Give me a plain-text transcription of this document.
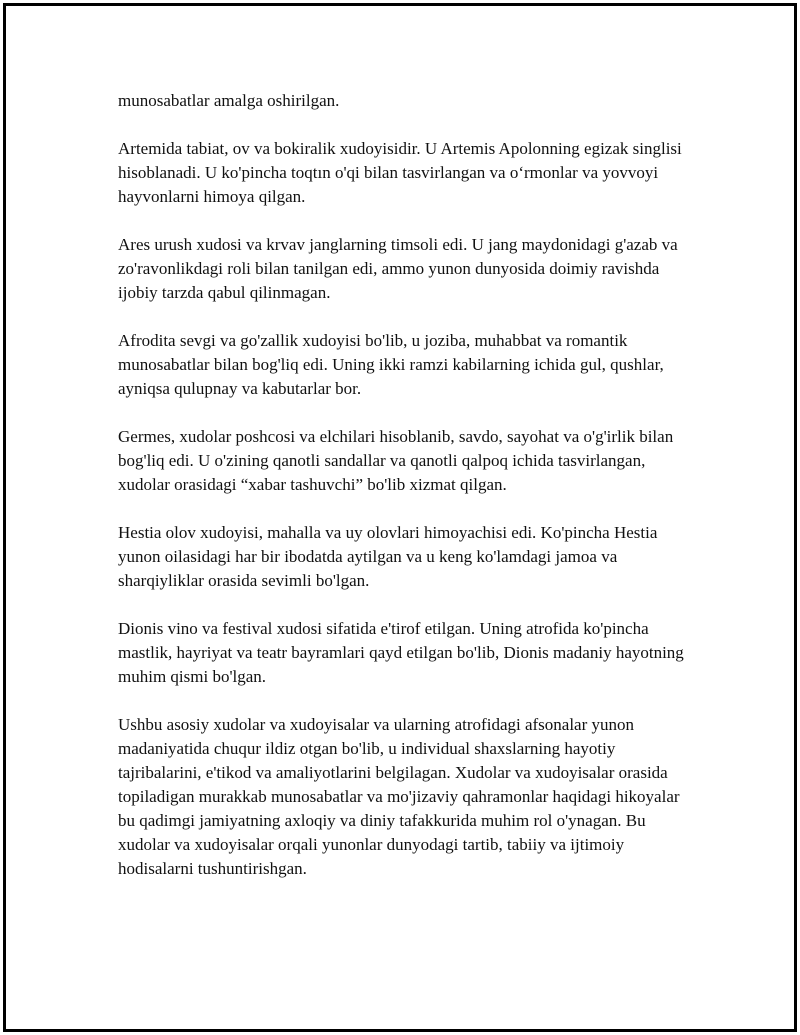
munosabatlar amalga oshirilgan.

Artemida tabiat, ov va bokiralik xudoyisidir. U Artemis Apolonning egizak singlisi hisoblanadi. U ko'pincha toqtın o'qi bilan tasvirlangan va oʻrmonlar va yovvoyi hayvonlarni himoya qilgan.

Ares urush xudosi va krvav janglarning timsoli edi. U jang maydonidagi g'azab va zo'ravonlikdagi roli bilan tanilgan edi, ammo yunon dunyosida doimiy ravishda ijobiy tarzda qabul qilinmagan.

Afrodita sevgi va go'zallik xudoyisi bo'lib, u joziba, muhabbat va romantik munosabatlar bilan bog'liq edi. Uning ikki ramzi kabilarning ichida gul, qushlar, ayniqsa qulupnay va kabutarlar bor.

Germes, xudolar poshcosi va elchilari hisoblanib, savdo, sayohat va o'g'irlik bilan bog'liq edi. U o'zining qanotli sandallar va qanotli qalpoq ichida tasvirlangan, xudolar orasidagi “xabar tashuvchi” bo'lib xizmat qilgan.

Hestia olov xudoyisi, mahalla va uy olovlari himoyachisi edi. Ko'pincha Hestia yunon oilasidagi har bir ibodatda aytilgan va u keng ko'lamdagi jamoa va sharqiyliklar orasida sevimli bo'lgan.

Dionis vino va festival xudosi sifatida e'tirof etilgan. Uning atrofida ko'pincha mastlik, hayriyat va teatr bayramlari qayd etilgan bo'lib, Dionis madaniy hayotning muhim qismi bo'lgan.

Ushbu asosiy xudolar va xudoyisalar va ularning atrofidagi afsonalar yunon madaniyatida chuqur ildiz otgan bo'lib, u individual shaxslarning hayotiy tajribalarini, e'tikod va amaliyotlarini belgilagan. Xudolar va xudoyisalar orasida topiladigan murakkab munosabatlar va mo'jizaviy qahramonlar haqidagi hikoyalar bu qadimgi jamiyatning axloqiy va diniy tafakkurida muhim rol o'ynagan. Bu xudolar va xudoyisalar orqali yunonlar dunyodagi tartib, tabiiy va ijtimoiy hodisalarni tushuntirishgan.
